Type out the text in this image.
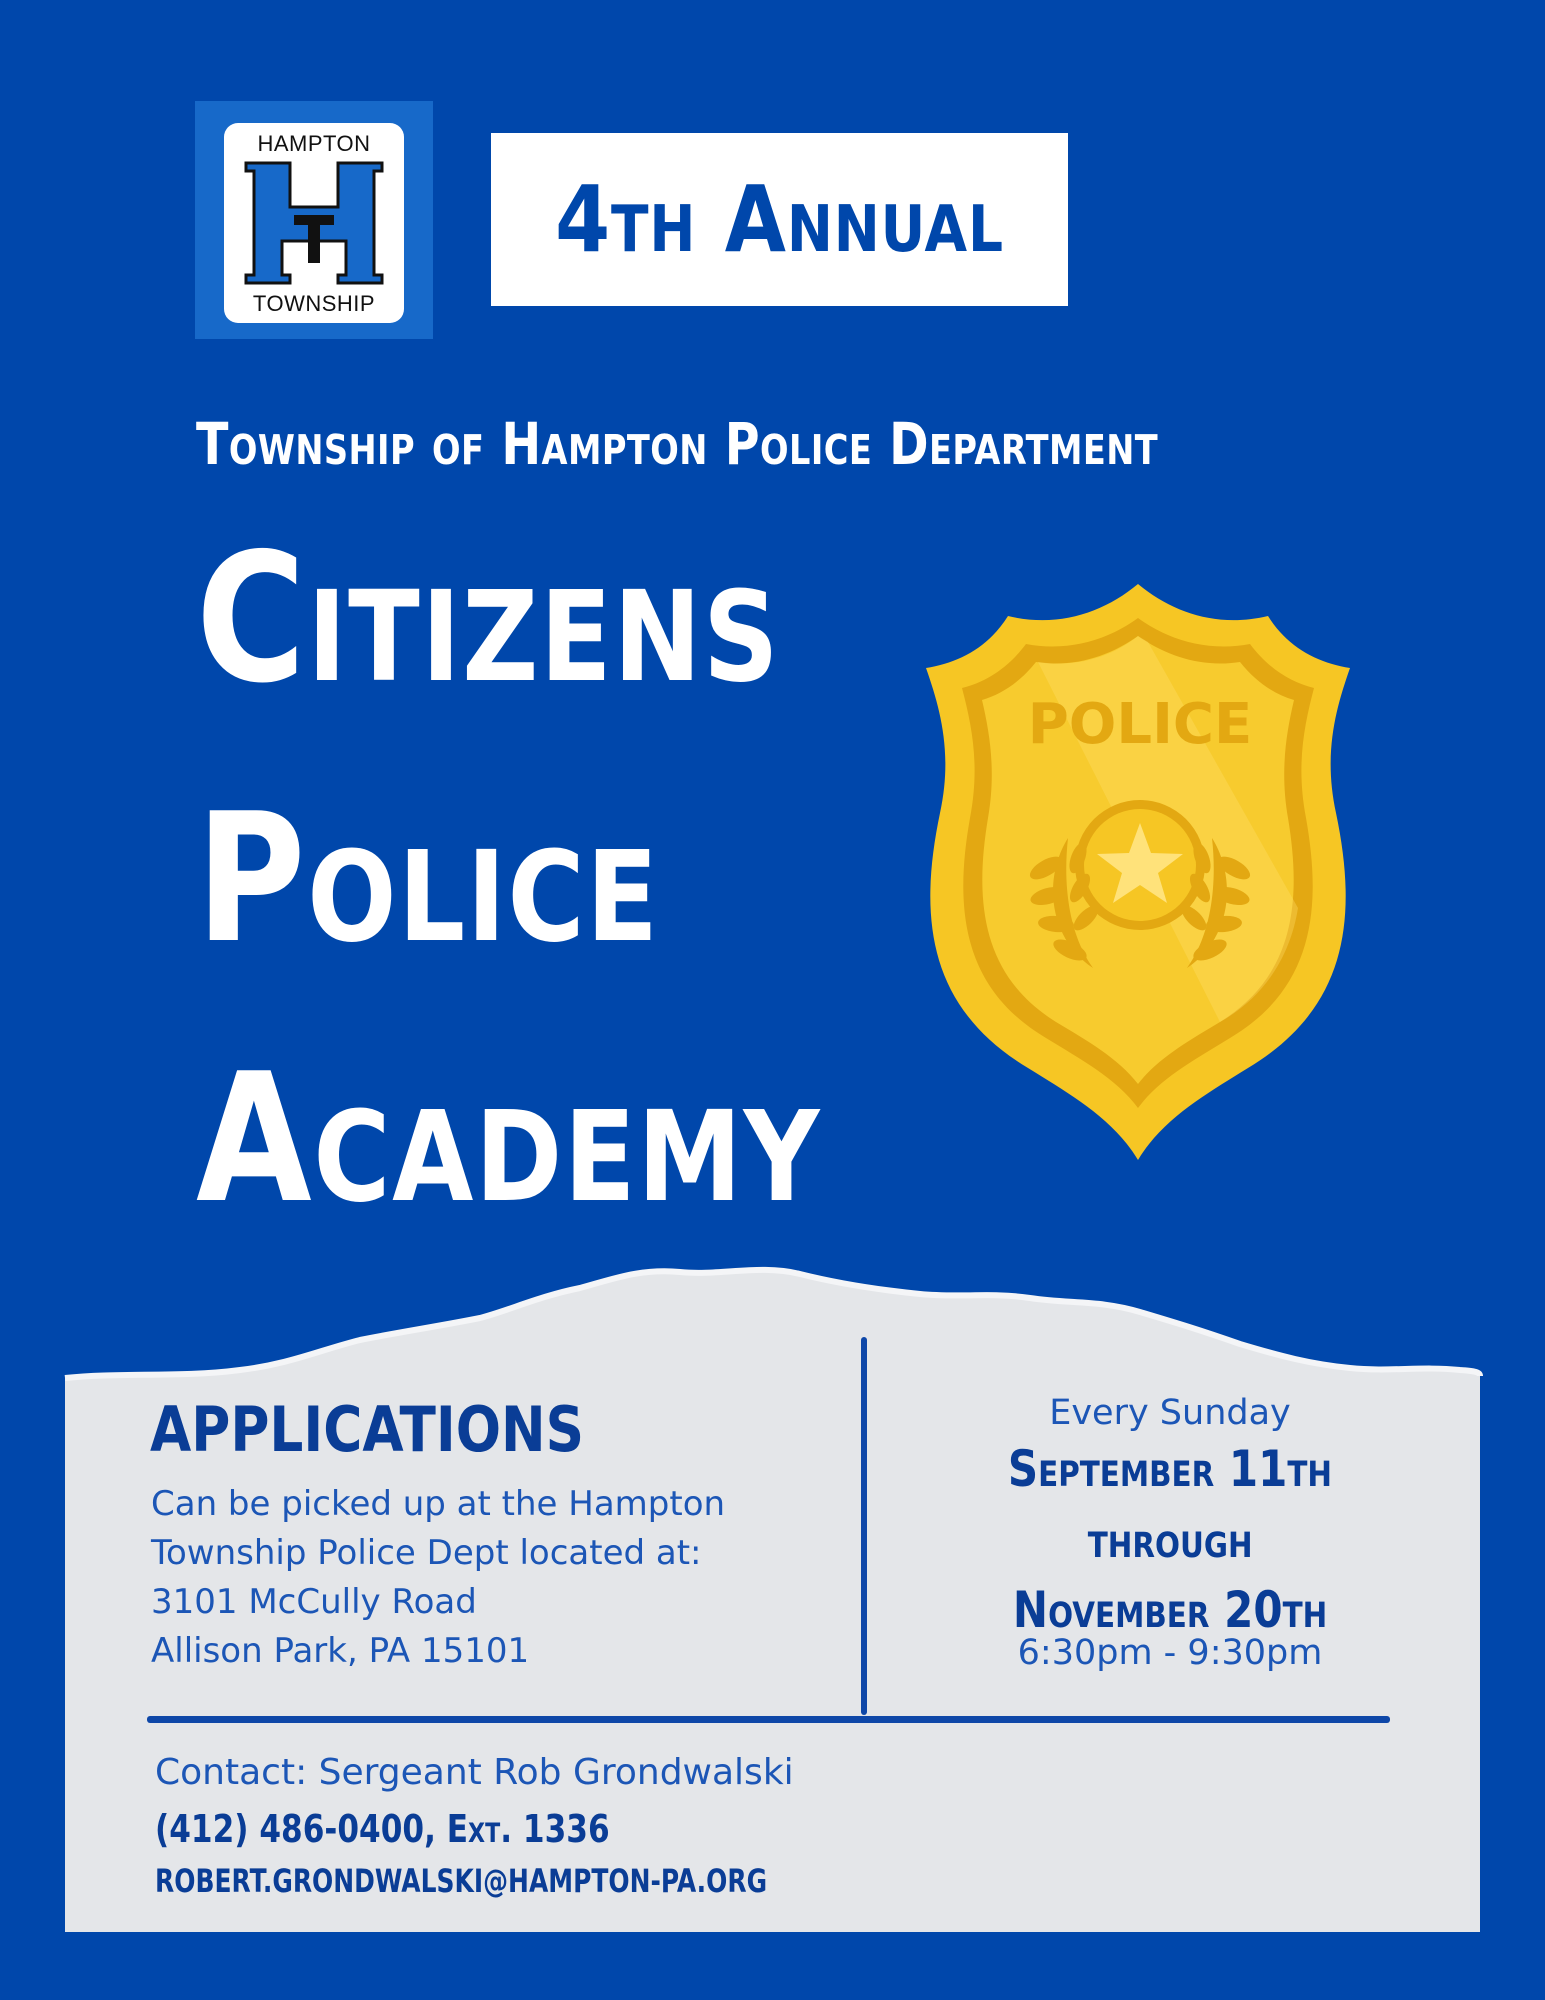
HAMPTON
TOWNSHIP
4th Annual
Township of Hampton Police Department
Citizens
Police
Academy
POLICE
APPLICATIONS
Can be picked up at the Hampton
Township Police Dept located at:
3101 McCully Road
Allison Park, PA 15101
Every Sunday
September 11th
through
November 20th
6:30pm - 9:30pm
Contact: Sergeant Rob Grondwalski
(412) 486-0400, Ext. 1336
ROBERT.GRONDWALSKI@HAMPTON-PA.ORG
